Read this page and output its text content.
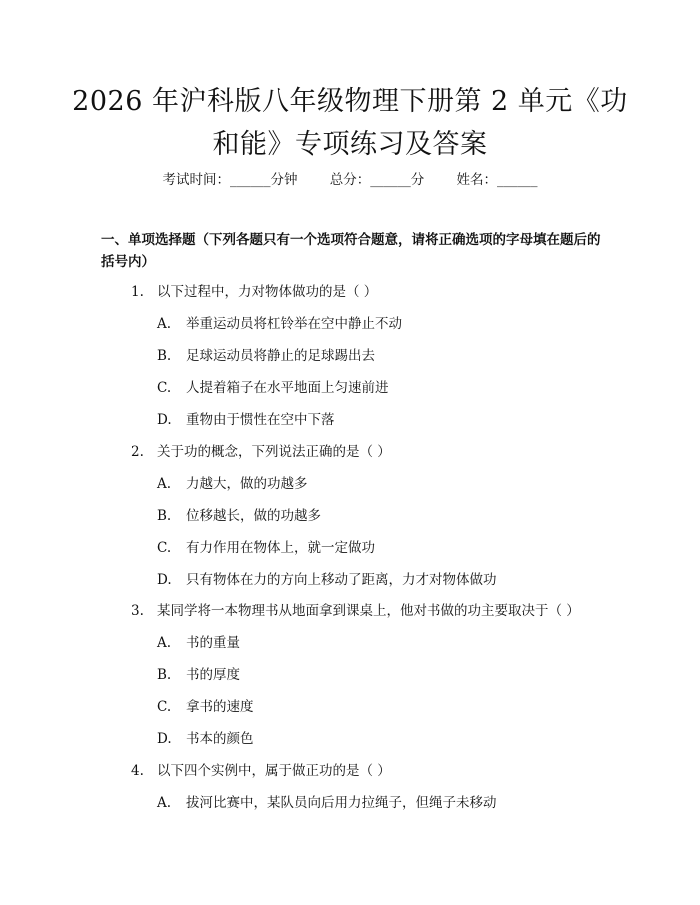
2026 年沪科版八年级物理下册第 2 单元《功
和能》专项练习及答案
考试时间：______分钟 总分：______分 姓名：______
一、单项选择题（下列各题只有一个选项符合题意，请将正确选项的字母填在题后的括号内）
1. 以下过程中，力对物体做功的是（ ）
A. 举重运动员将杠铃举在空中静止不动
B. 足球运动员将静止的足球踢出去
C. 人提着箱子在水平地面上匀速前进
D. 重物由于惯性在空中下落
2. 关于功的概念，下列说法正确的是（ ）
A. 力越大，做的功越多
B. 位移越长，做的功越多
C. 有力作用在物体上，就一定做功
D. 只有物体在力的方向上移动了距离，力才对物体做功
3. 某同学将一本物理书从地面拿到课桌上，他对书做的功主要取决于（ ）
A. 书的重量
B. 书的厚度
C. 拿书的速度
D. 书本的颜色
4. 以下四个实例中，属于做正功的是（ ）
A. 拔河比赛中，某队员向后用力拉绳子，但绳子未移动
